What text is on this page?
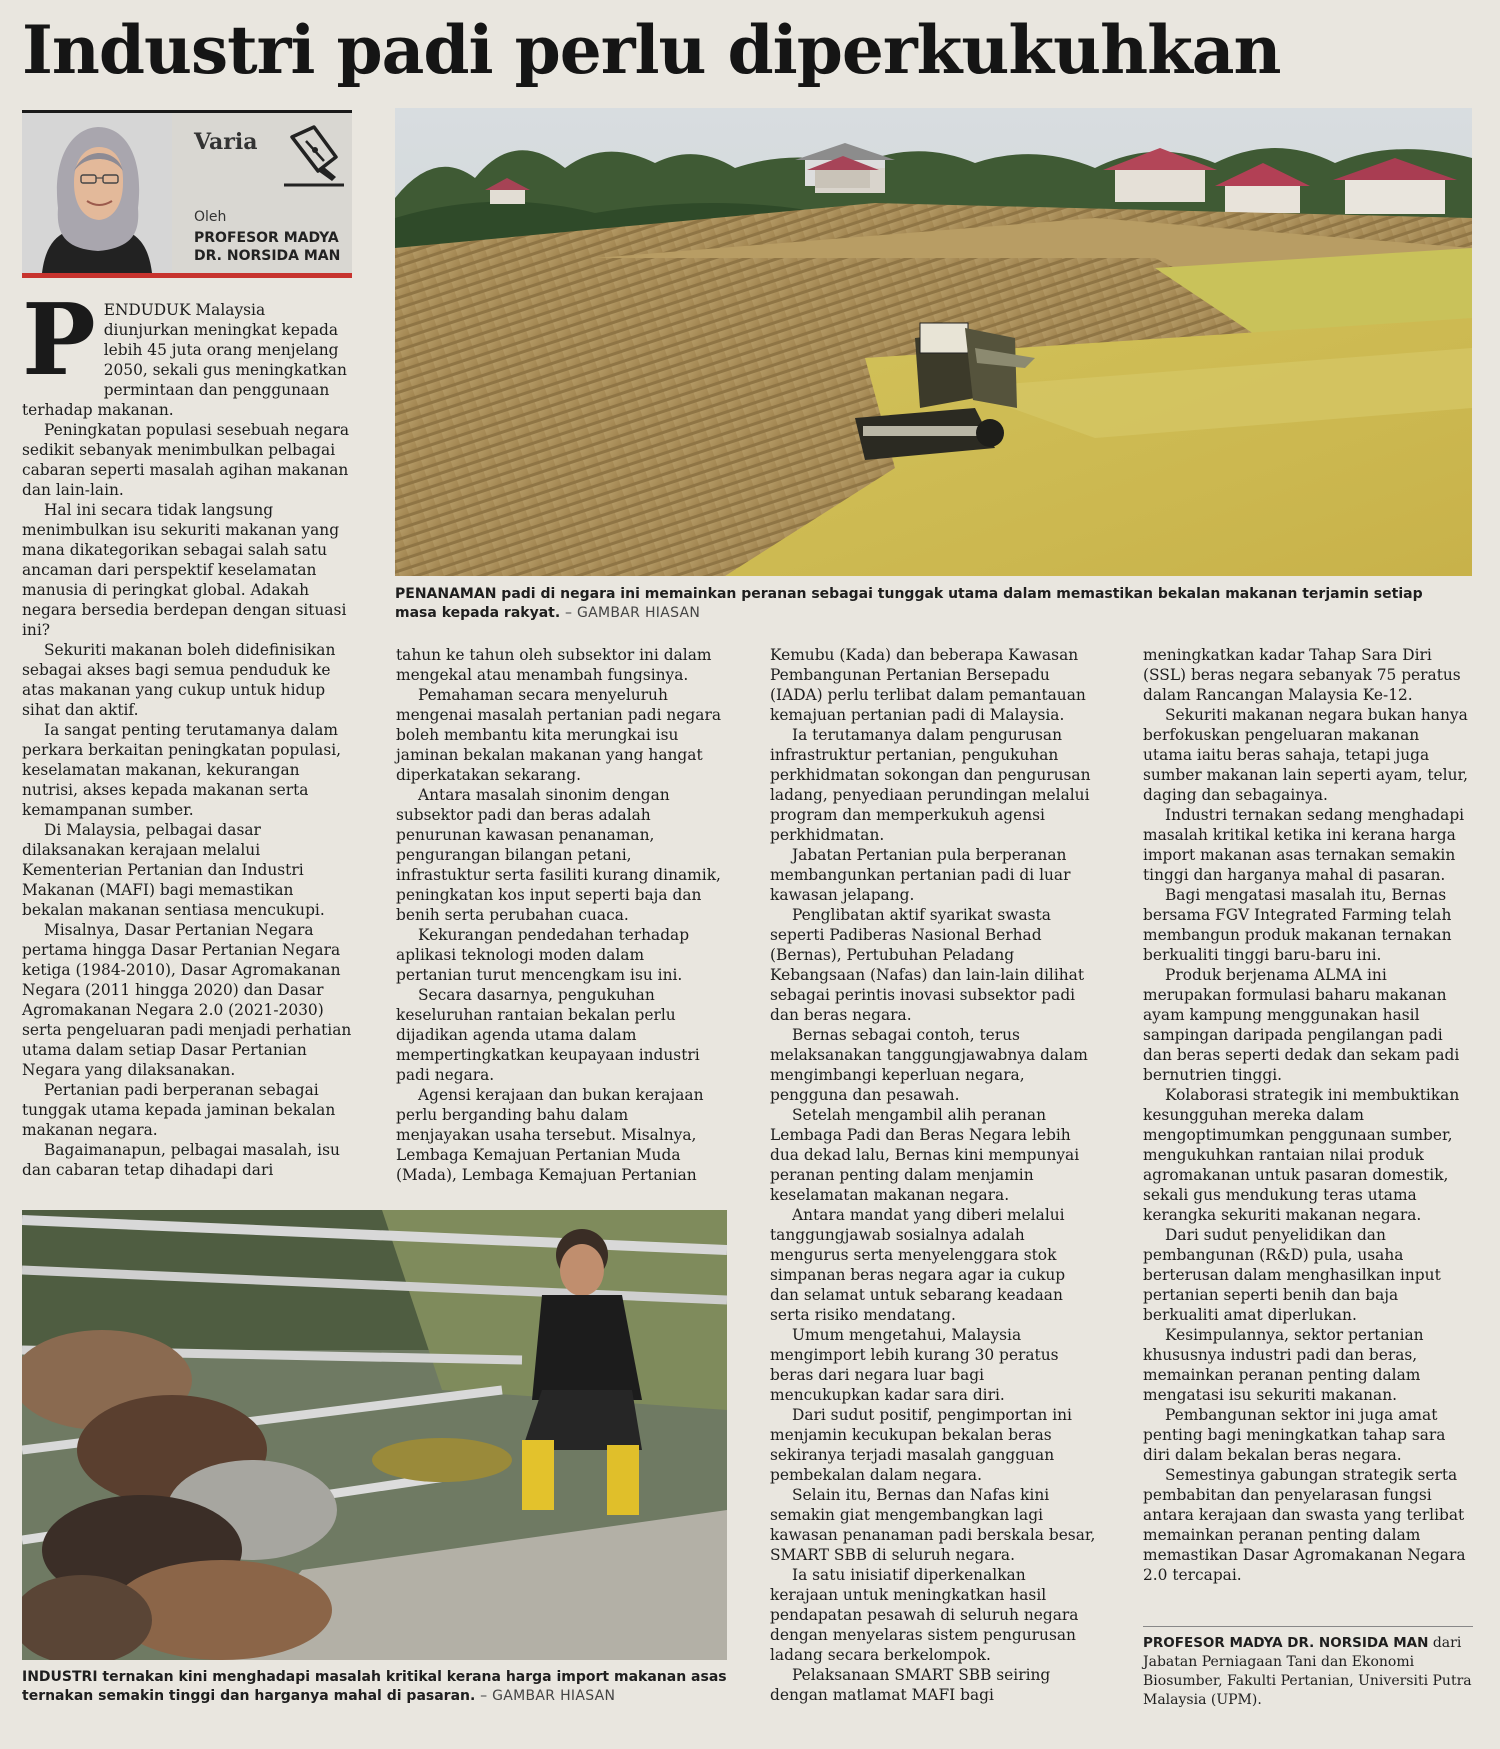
Industri padi perlu diperkukuhkan
Varia
Oleh
PROFESOR MADYA
DR. NORSIDA MAN
PENANAMAN padi di negara ini memainkan peranan sebagai tunggak utama dalam memastikan bekalan makanan terjamin setiap masa kepada rakyat. – GAMBAR HIASAN

PENDUDUK Malaysia diunjurkan meningkat kepada lebih 45 juta orang menjelang 2050, sekali gus meningkatkan permintaan dan penggunaan terhadap makanan.

Peningkatan populasi sesebuah negara sedikit sebanyak menimbulkan pelbagai cabaran seperti masalah agihan makanan dan lain-lain.

Hal ini secara tidak langsung menimbulkan isu sekuriti makanan yang mana dikategorikan sebagai salah satu ancaman dari perspektif keselamatan manusia di peringkat global. Adakah negara bersedia berdepan dengan situasi ini?

Sekuriti makanan boleh didefinisikan sebagai akses bagi semua penduduk ke atas makanan yang cukup untuk hidup sihat dan aktif.

Ia sangat penting terutamanya dalam perkara berkaitan peningkatan populasi, keselamatan makanan, kekurangan nutrisi, akses kepada makanan serta kemampanan sumber.

Di Malaysia, pelbagai dasar dilaksanakan kerajaan melalui Kementerian Pertanian dan Industri Makanan (MAFI) bagi memastikan bekalan makanan sentiasa mencukupi.

Misalnya, Dasar Pertanian Negara pertama hingga Dasar Pertanian Negara ketiga (1984-2010), Dasar Agromakanan Negara (2011 hingga 2020) dan Dasar Agromakanan Negara 2.0 (2021-2030) serta pengeluaran padi menjadi perhatian utama dalam setiap Dasar Pertanian Negara yang dilaksanakan.

Pertanian padi berperanan sebagai tunggak utama kepada jaminan bekalan makanan negara.

Bagaimanapun, pelbagai masalah, isu dan cabaran tetap dihadapi dari

tahun ke tahun oleh subsektor ini dalam mengekal atau menambah fungsinya.

Pemahaman secara menyeluruh mengenai masalah pertanian padi negara boleh membantu kita merungkai isu jaminan bekalan makanan yang hangat diperkatakan sekarang.

Antara masalah sinonim dengan subsektor padi dan beras adalah penurunan kawasan penanaman, pengurangan bilangan petani, infrastuktur serta fasiliti kurang dinamik, peningkatan kos input seperti baja dan benih serta perubahan cuaca.

Kekurangan pendedahan terhadap aplikasi teknologi moden dalam pertanian turut mencengkam isu ini.

Secara dasarnya, pengukuhan keseluruhan rantaian bekalan perlu dijadikan agenda utama dalam mempertingkatkan keupayaan industri padi negara.

Agensi kerajaan dan bukan kerajaan perlu berganding bahu dalam menjayakan usaha tersebut. Misalnya, Lembaga Kemajuan Pertanian Muda (Mada), Lembaga Kemajuan Pertanian

INDUSTRI ternakan kini menghadapi masalah kritikal kerana harga import makanan asas ternakan semakin tinggi dan harganya mahal di pasaran. – GAMBAR HIASAN

Kemubu (Kada) dan beberapa Kawasan Pembangunan Pertanian Bersepadu (IADA) perlu terlibat dalam pemantauan kemajuan pertanian padi di Malaysia.

Ia terutamanya dalam pengurusan infrastruktur pertanian, pengukuhan perkhidmatan sokongan dan pengurusan ladang, penyediaan perundingan melalui program dan memperkukuh agensi perkhidmatan.

Jabatan Pertanian pula berperanan membangunkan pertanian padi di luar kawasan jelapang.

Penglibatan aktif syarikat swasta seperti Padiberas Nasional Berhad (Bernas), Pertubuhan Peladang Kebangsaan (Nafas) dan lain-lain dilihat sebagai perintis inovasi subsektor padi dan beras negara.

Bernas sebagai contoh, terus melaksanakan tanggungjawabnya dalam mengimbangi keperluan negara, pengguna dan pesawah.

Setelah mengambil alih peranan Lembaga Padi dan Beras Negara lebih dua dekad lalu, Bernas kini mempunyai peranan penting dalam menjamin keselamatan makanan negara.

Antara mandat yang diberi melalui tanggungjawab sosialnya adalah mengurus serta menyelenggara stok simpanan beras negara agar ia cukup dan selamat untuk sebarang keadaan serta risiko mendatang.

Umum mengetahui, Malaysia mengimport lebih kurang 30 peratus beras dari negara luar bagi mencukupkan kadar sara diri.

Dari sudut positif, pengimportan ini menjamin kecukupan bekalan beras sekiranya terjadi masalah gangguan pembekalan dalam negara.

Selain itu, Bernas dan Nafas kini semakin giat mengembangkan lagi kawasan penanaman padi berskala besar, SMART SBB di seluruh negara.

Ia satu inisiatif diperkenalkan kerajaan untuk meningkatkan hasil pendapatan pesawah di seluruh negara dengan menyelaras sistem pengurusan ladang secara berkelompok.

Pelaksanaan SMART SBB seiring dengan matlamat MAFI bagi

meningkatkan kadar Tahap Sara Diri (SSL) beras negara sebanyak 75 peratus dalam Rancangan Malaysia Ke-12.

Sekuriti makanan negara bukan hanya berfokuskan pengeluaran makanan utama iaitu beras sahaja, tetapi juga sumber makanan lain seperti ayam, telur, daging dan sebagainya.

Industri ternakan sedang menghadapi masalah kritikal ketika ini kerana harga import makanan asas ternakan semakin tinggi dan harganya mahal di pasaran.

Bagi mengatasi masalah itu, Bernas bersama FGV Integrated Farming telah membangun produk makanan ternakan berkualiti tinggi baru-baru ini.

Produk berjenama ALMA ini merupakan formulasi baharu makanan ayam kampung menggunakan hasil sampingan daripada pengilangan padi dan beras seperti dedak dan sekam padi bernutrien tinggi.

Kolaborasi strategik ini membuktikan kesungguhan mereka dalam mengoptimumkan penggunaan sumber, mengukuhkan rantaian nilai produk agromakanan untuk pasaran domestik, sekali gus mendukung teras utama kerangka sekuriti makanan negara.

Dari sudut penyelidikan dan pembangunan (R&D) pula, usaha berterusan dalam menghasilkan input pertanian seperti benih dan baja berkualiti amat diperlukan.

Kesimpulannya, sektor pertanian khususnya industri padi dan beras, memainkan peranan penting dalam mengatasi isu sekuriti makanan.

Pembangunan sektor ini juga amat penting bagi meningkatkan tahap sara diri dalam bekalan beras negara.

Semestinya gabungan strategik serta pembabitan dan penyelarasan fungsi antara kerajaan dan swasta yang terlibat memainkan peranan penting dalam memastikan Dasar Agromakanan Negara 2.0 tercapai.

PROFESOR MADYA DR. NORSIDA MAN dari Jabatan Perniagaan Tani dan Ekonomi Biosumber, Fakulti Pertanian, Universiti Putra Malaysia (UPM).
